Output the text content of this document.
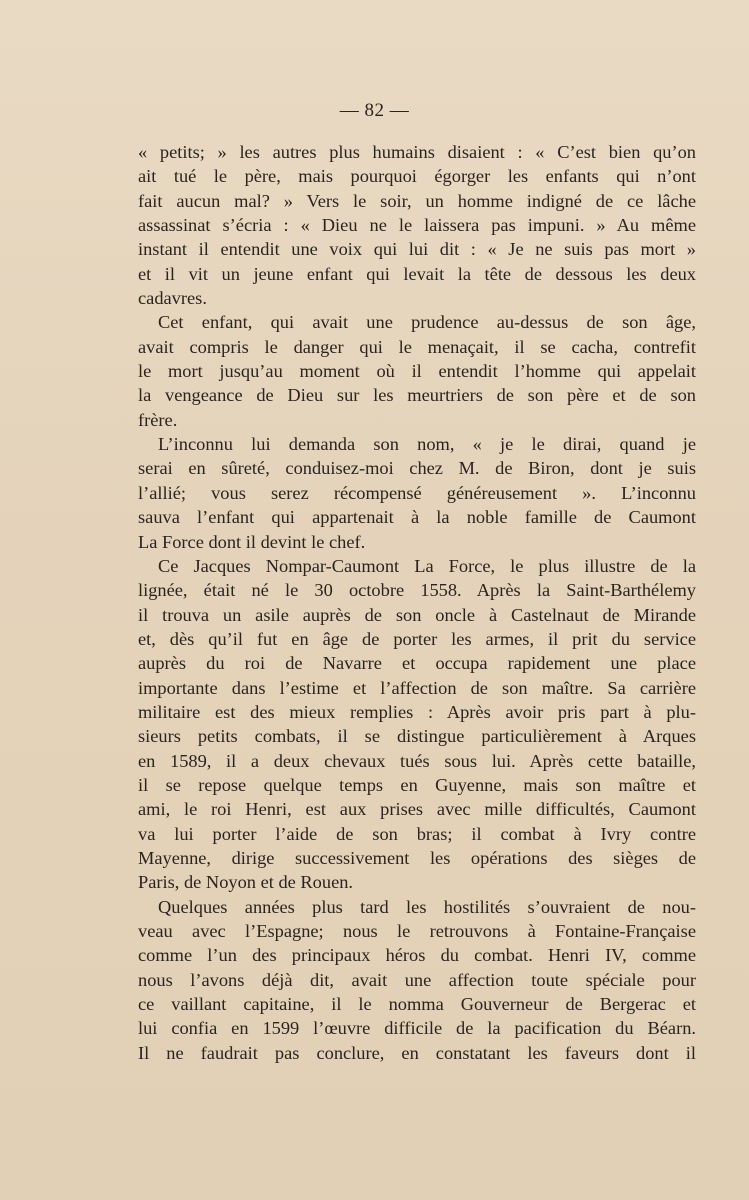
— 82 —
« petits; » les autres plus humains disaient : « C’est bien qu’on
ait tué le père, mais pourquoi égorger les enfants qui n’ont
fait aucun mal? » Vers le soir, un homme indigné de ce lâche
assassinat s’écria : « Dieu ne le laissera pas impuni. » Au même
instant il entendit une voix qui lui dit : « Je ne suis pas mort »
et il vit un jeune enfant qui levait la tête de dessous les deux
cadavres.
Cet enfant, qui avait une prudence au-dessus de son âge,
avait compris le danger qui le menaçait, il se cacha, contrefit
le mort jusqu’au moment où il entendit l’homme qui appelait
la vengeance de Dieu sur les meurtriers de son père et de son
frère.
L’inconnu lui demanda son nom, « je le dirai, quand je
serai en sûreté, conduisez-moi chez M. de Biron, dont je suis
l’allié; vous serez récompensé généreusement ». L’inconnu
sauva l’enfant qui appartenait à la noble famille de Caumont
La Force dont il devint le chef.
Ce Jacques Nompar-Caumont La Force, le plus illustre de la
lignée, était né le 30 octobre 1558. Après la Saint-Barthélemy
il trouva un asile auprès de son oncle à Castelnaut de Mirande
et, dès qu’il fut en âge de porter les armes, il prit du service
auprès du roi de Navarre et occupa rapidement une place
importante dans l’estime et l’affection de son maître. Sa carrière
militaire est des mieux remplies : Après avoir pris part à plu-
sieurs petits combats, il se distingue particulièrement à Arques
en 1589, il a deux chevaux tués sous lui. Après cette bataille,
il se repose quelque temps en Guyenne, mais son maître et
ami, le roi Henri, est aux prises avec mille difficultés, Caumont
va lui porter l’aide de son bras; il combat à Ivry contre
Mayenne, dirige successivement les opérations des sièges de
Paris, de Noyon et de Rouen.
Quelques années plus tard les hostilités s’ouvraient de nou-
veau avec l’Espagne; nous le retrouvons à Fontaine-Française
comme l’un des principaux héros du combat. Henri IV, comme
nous l’avons déjà dit, avait une affection toute spéciale pour
ce vaillant capitaine, il le nomma Gouverneur de Bergerac et
lui confia en 1599 l’œuvre difficile de la pacification du Béarn.
Il ne faudrait pas conclure, en constatant les faveurs dont il
